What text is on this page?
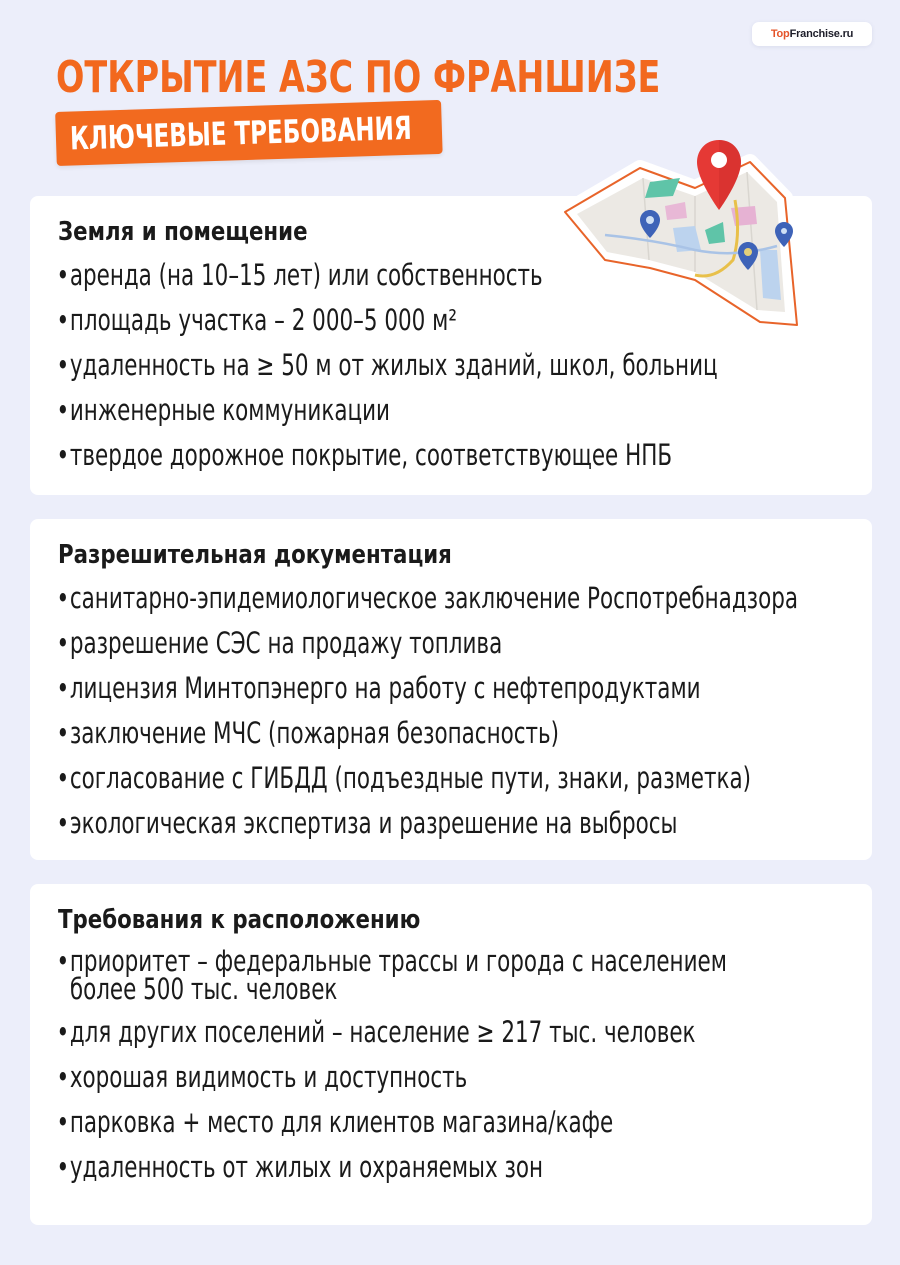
Top Franchise.ru
ОТКРЫТИЕ АЗС ПО ФРАНШИЗЕ
КЛЮЧЕВЫЕ ТРЕБОВАНИЯ
Земля и помещение
• аренда (на 10–15 лет) или собственность
• площадь участка – 2 000–5 000 м²
• удаленность на ≥ 50 м от жилых зданий, школ, больниц
• инженерные коммуникации
• твердое дорожное покрытие, соответствующее НПБ
Разрешительная документация
• санитарно-эпидемиологическое заключение Роспотребнадзора
• разрешение СЭС на продажу топлива
• лицензия Минтопэнерго на работу с нефтепродуктами
• заключение МЧС (пожарная безопасность)
• согласование с ГИБДД (подъездные пути, знаки, разметка)
• экологическая экспертиза и разрешение на выбросы
Требования к расположению
• приоритет – федеральные трассы и города с населением
более 500 тыс. человек
• для других поселений – население ≥ 217 тыс. человек
• хорошая видимость и доступность
• парковка + место для клиентов магазина/кафе
• удаленность от жилых и охраняемых зон
